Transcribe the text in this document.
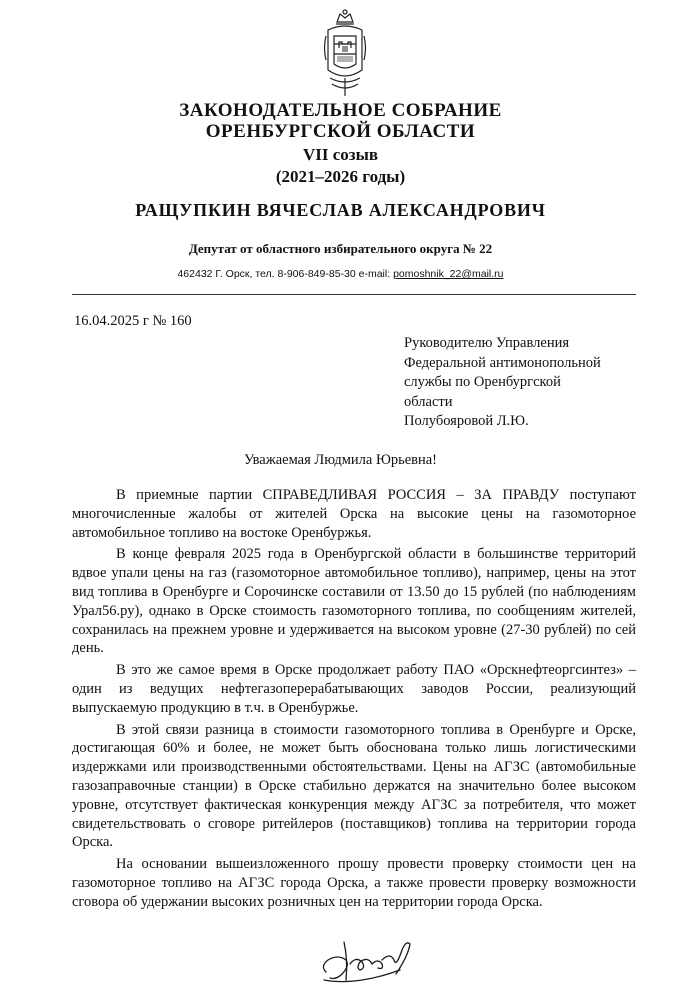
ЗАКОНОДАТЕЛЬНОЕ СОБРАНИЕ
ОРЕНБУРГСКОЙ ОБЛАСТИ
VII созыв
(2021–2026 годы)
РАЩУПКИН ВЯЧЕСЛАВ АЛЕКСАНДРОВИЧ
Депутат от областного избирательного округа № 22
462432 Г. Орск, тел. 8-906-849-85-30 e-mail: pomoshnik_22@mail.ru
16.04.2025 г № 160
Руководителю Управления
Федеральной антимонопольной
службы по Оренбургской
области
Полубояровой Л.Ю.
Уважаемая Людмила Юрьевна!

В приемные партии СПРАВЕДЛИВАЯ РОССИЯ – ЗА ПРАВДУ поступают многочисленные жалобы от жителей Орска на высокие цены на газомоторное автомобильное топливо на востоке Оренбуржья.

В конце февраля 2025 года в Оренбургской области в большинстве территорий вдвое упали цены на газ (газомоторное автомобильное топливо), например, цены на этот вид топлива в Оренбурге и Сорочинске составили от 13.50 до 15 рублей (по наблюдениям Урал56.ру), однако в Орске стоимость газомоторного топлива, по сообщениям жителей, сохранилась на прежнем уровне и удерживается на высоком уровне (27-30 рублей) по сей день.

В это же самое время в Орске продолжает работу ПАО «Орскнефтеоргсинтез» – один из ведущих нефтегазоперерабатывающих заводов России, реализующий выпускаемую продукцию в т.ч. в Оренбуржье.

В этой связи разница в стоимости газомоторного топлива в Оренбурге и Орске, достигающая 60% и более, не может быть обоснована только лишь логистическими издержками или производственными обстоятельствами. Цены на АГЗС (автомобильные газозаправочные станции) в Орске стабильно держатся на значительно более высоком уровне, отсутствует фактическая конкуренция между АГЗС за потребителя, что может свидетельствовать о сговоре ритейлеров (поставщиков) топлива на территории города Орска.

На основании вышеизложенного прошу провести проверку стоимости цен на газомоторное топливо на АГЗС города Орска, а также провести проверку возможности сговора об удержании высоких розничных цен на территории города Орска.
